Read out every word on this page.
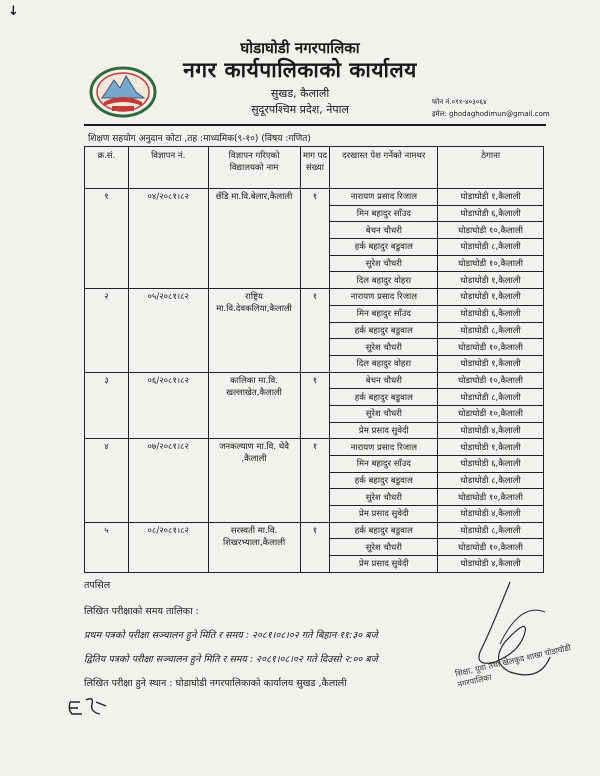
↓
घोडाघोडी नगरपालिका
नगर कार्यपालिकाको कार्यालय
सुखड, कैलाली
सुदूरपश्चिम प्रदेश, नेपाल
फोन नं.०९१-४०३०६४
इमेल: ghodaghodimun@gmail.com
शिक्षण सहयोग अनुदान कोटा ,तह :माध्यमिक(९-१०) (विषय :गणित)
क्र.सं.	विज्ञापन नं.	विज्ञापन गरिएको विद्यालयको नाम	माग पद संख्या	दरखास्त पेश गर्नेको नामथर	ठेगाना
१	०४/२०८१।८२	छँडि मा.वि.बेलार,कैलाली	१	नारायण प्रसाद रिजाल	घोडाघोडी १,कैलाली
				मिन बहादुर साँउद	घोडाघोडी ६,कैलाली
				बेचन चौधरी	घोडाघोडी १०,कैलाली
				हर्क बहादुर बडुवाल	घोडाघोडी ८,कैलाली
				सुरेश चौधरी	घोडाघोडी १०,कैलाली
				दिल बहादुर वोहरा	घोडाघोडी १,कैलाली
२	०५/२०८१।८२	राष्ट्रिय मा.वि.देवकलिया,कैलाली	१	नारायण प्रसाद रिजाल	घोडाघोडी १,कैलाली
				मिन बहादुर साँउद	घोडाघोडी ६,कैलाली
				हर्क बहादुर बडुवाल	घोडाघोडी ८,कैलाली
				सुरेश चौधरी	घोडाघोडी १०,कैलाली
				दिल बहादुर वोहरा	घोडाघोडी १,कैलाली
३	०६/२०८१।८२	कालिका मा.वि. खल्लाखेत,कैलाली	१	बेचन चौधरी	घोडाघोडी १०,कैलाली
				हर्क बहादुर बडुवाल	घोडाघोडी ८,कैलाली
				सुरेश चौधरी	घोडाघोडी १०,कैलाली
				प्रेम प्रसाद सुवेदी	घोडाघोडी ४,कैलाली
४	०७/२०८१।८२	जनकल्याण मा.वि. थेवै ,कैलाली	१	नारायण प्रसाद रिजाल	घोडाघोडी १,कैलाली
				मिन बहादुर साँउद	घोडाघोडी ६,कैलाली
				हर्क बहादुर बडुवाल	घोडाघोडी ८,कैलाली
				सुरेश चौधरी	घोडाघोडी १०,कैलाली
				प्रेम प्रसाद सुवेदी	घोडाघोडी ४,कैलाली
५	०८/२०८१।८२	सरस्वती मा.वि. शिखरभ्याला,कैलाली	१	हर्क बहादुर बडुवाल	घोडाघोडी ८,कैलाली
				सुरेश चौधरी	घोडाघोडी १०,कैलाली
				प्रेम प्रसाद सुवेदी	घोडाघोडी ४,कैलाली
तपसिल
लिखित परीक्षाको समय तालिका :
प्रथम पत्रको परीक्षा सञ्चालन हुने मिति र समय : २०८१।०८।०२ गते बिहान ११:३० बजे
द्वितिय पत्रको परीक्षा सञ्चालन हुने मिति र समय : २०८१।०८।०२ गते दिउसो २:०० बजे
लिखित परीक्षा हुने स्थान : घोडाघोडी नगरपालिकाको कार्यालय सुखड ,कैलाली
शिक्षा, युवा तथा खेलकुद शाखा घोडाघोडी नगरपालिका
